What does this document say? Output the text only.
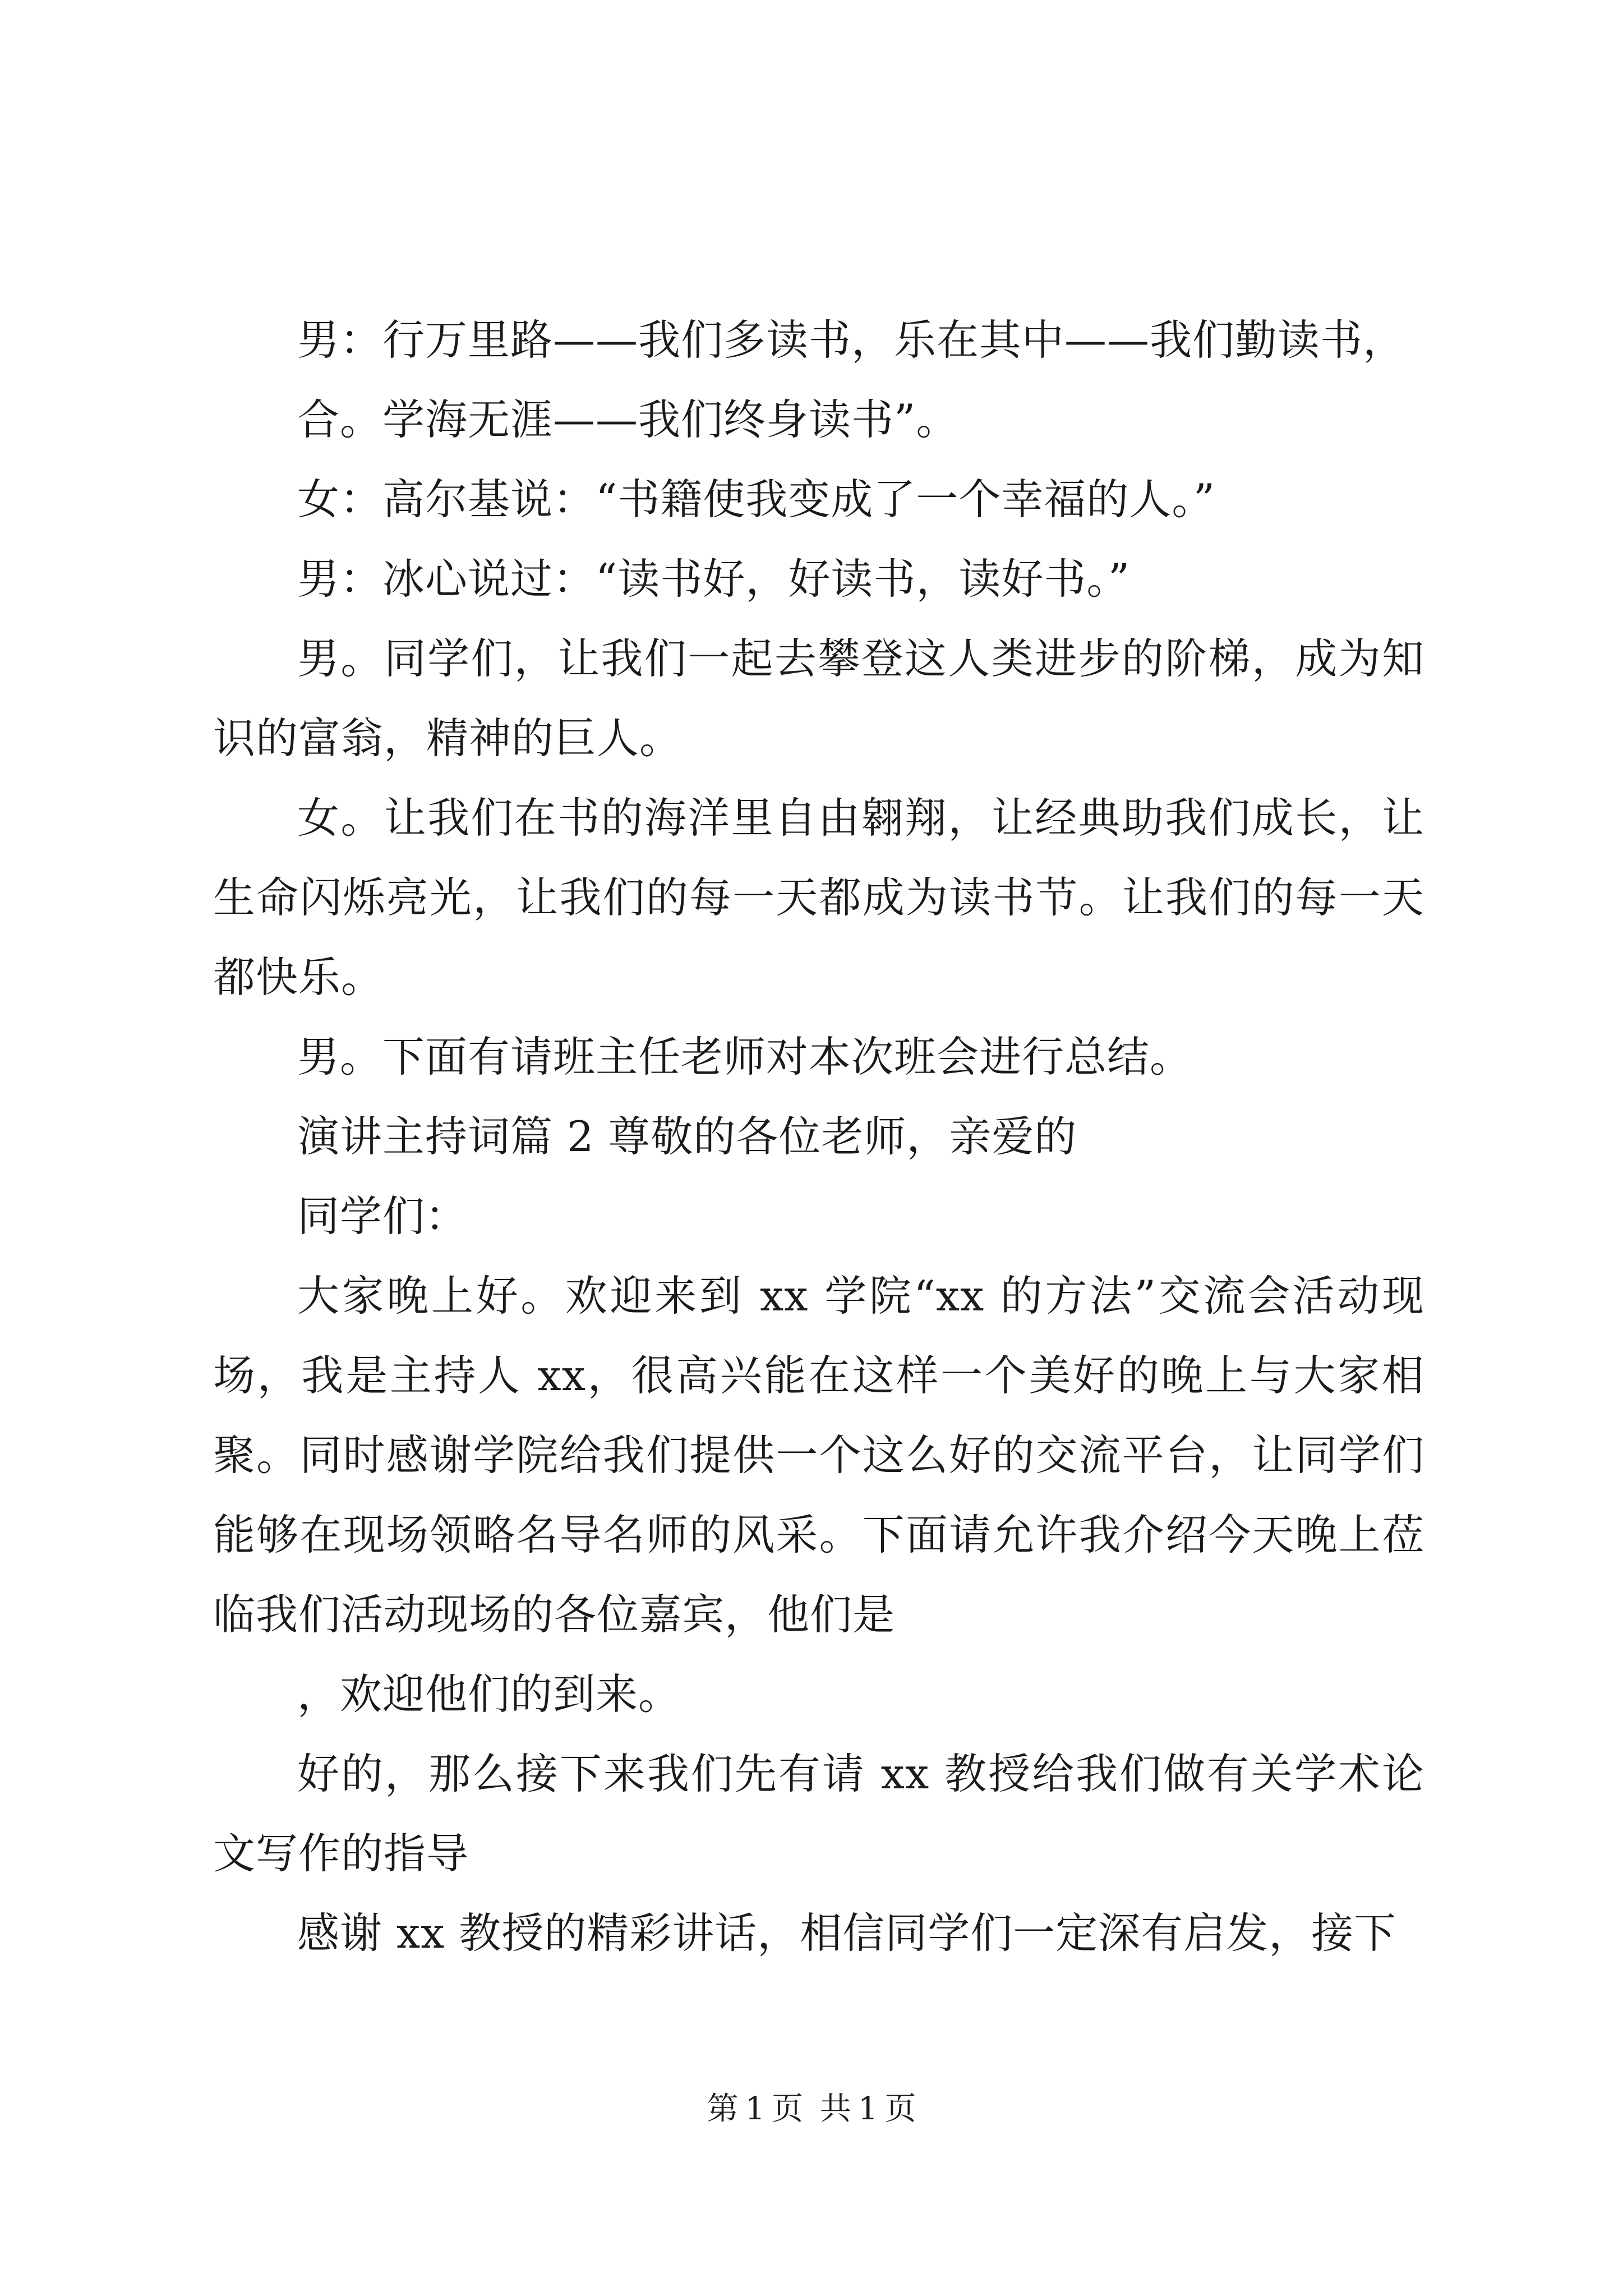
男：行万里路——我们多读书，乐在其中——我们勤读书，

合。学海无涯——我们终身读书”。

女：高尔基说：“书籍使我变成了一个幸福的人。”

男：冰心说过：“读书好，好读书，读好书。”

男。同学们，让我们一起去攀登这人类进步的阶梯，成为知识的富翁，精神的巨人。

女。让我们在书的海洋里自由翱翔，让经典助我们成长，让生命闪烁亮光，让我们的每一天都成为读书节。让我们的每一天都快乐。

男。下面有请班主任老师对本次班会进行总结。

演讲主持词篇 2 尊敬的各位老师，亲爱的

同学们：

大家晚上好。欢迎来到 xx 学院“xx 的方法”交流会活动现场，我是主持人 xx，很高兴能在这样一个美好的晚上与大家相聚。同时感谢学院给我们提供一个这么好的交流平台，让同学们能够在现场领略名导名师的风采。下面请允许我介绍今天晚上莅临我们活动现场的各位嘉宾，他们是

，欢迎他们的到来。

好的，那么接下来我们先有请 xx 教授给我们做有关学术论文写作的指导

感谢 xx 教授的精彩讲话，相信同学们一定深有启发，接下

第 1 页 共 1 页
